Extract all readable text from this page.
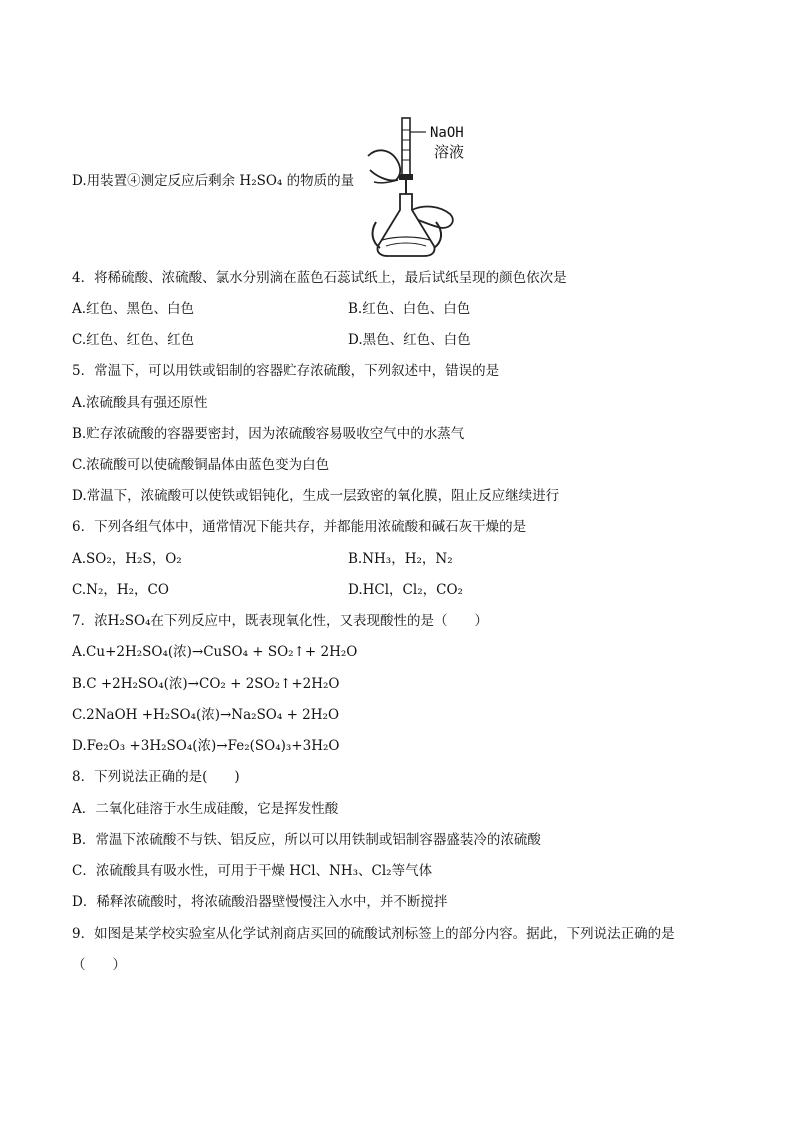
D.用装置④测定反应后剩余 H₂SO₄ 的物质的量
NaOH
溶液
4．将稀硫酸、浓硫酸、氯水分别滴在蓝色石蕊试纸上，最后试纸呈现的颜色依次是
A.红色、黑色、白色	B.红色、白色、白色
C.红色、红色、红色	D.黑色、红色、白色
5．常温下，可以用铁或铝制的容器贮存浓硫酸，下列叙述中，错误的是
A.浓硫酸具有强还原性
B.贮存浓硫酸的容器要密封，因为浓硫酸容易吸收空气中的水蒸气
C.浓硫酸可以使硫酸铜晶体由蓝色变为白色
D.常温下，浓硫酸可以使铁或铝钝化，生成一层致密的氧化膜，阻止反应继续进行
6．下列各组气体中，通常情况下能共存，并都能用浓硫酸和碱石灰干燥的是
A.SO₂，H₂S，O₂	B.NH₃，H₂，N₂
C.N₂，H₂，CO	D.HCl，Cl₂，CO₂
7．浓H₂SO₄在下列反应中，既表现氧化性，又表现酸性的是（　　）
A.Cu+2H₂SO₄(浓)→CuSO₄ + SO₂↑+ 2H₂O
B.C +2H₂SO₄(浓)→CO₂ + 2SO₂↑+2H₂O
C.2NaOH +H₂SO₄(浓)→Na₂SO₄ + 2H₂O
D.Fe₂O₃ +3H₂SO₄(浓)→Fe₂(SO₄)₃+3H₂O
8．下列说法正确的是(　　)
A．二氧化硅溶于水生成硅酸，它是挥发性酸
B．常温下浓硫酸不与铁、铝反应，所以可以用铁制或铝制容器盛装冷的浓硫酸
C．浓硫酸具有吸水性，可用于干燥 HCl、NH₃、Cl₂等气体
D．稀释浓硫酸时，将浓硫酸沿器壁慢慢注入水中，并不断搅拌
9．如图是某学校实验室从化学试剂商店买回的硫酸试剂标签上的部分内容。据此，下列说法正确的是
（　　）
